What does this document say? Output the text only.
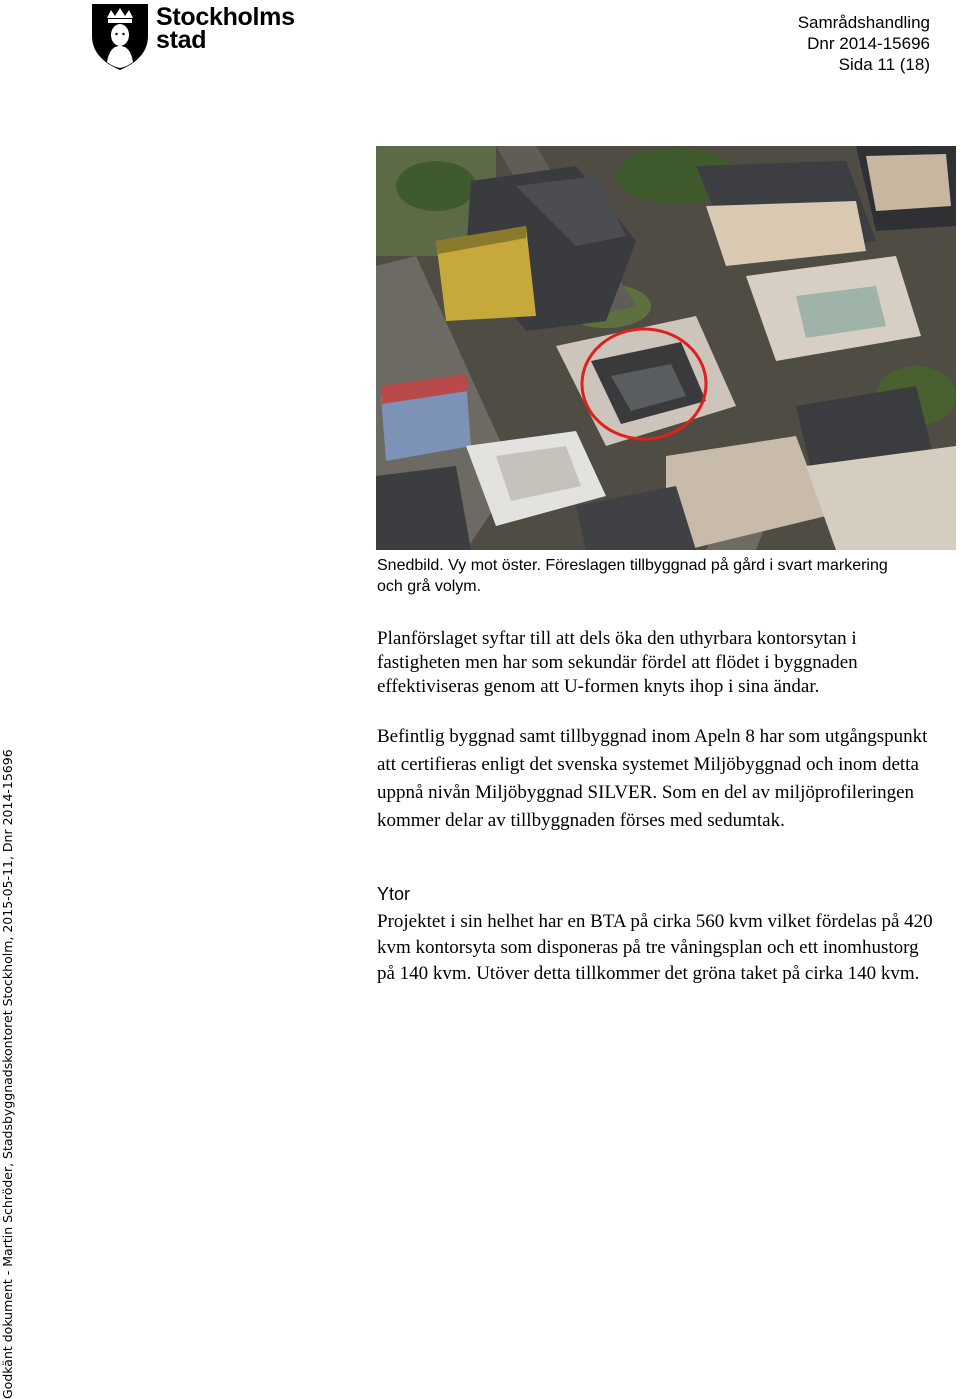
Stockholms
stad
Samrådshandling
Dnr 2014-15696
Sida 11 (18)
Snedbild. Vy mot öster. Föreslagen tillbyggnad på gård i svart markering och grå volym.
Planförslaget syftar till att dels öka den uthyrbara kontorsytan i fastigheten men har som sekundär fördel att flödet i byggnaden effektiviseras genom att U-formen knyts ihop i sina ändar.
Befintlig byggnad samt tillbyggnad inom Apeln 8 har som utgångspunkt att certifieras enligt det svenska systemet Miljöbyggnad och inom detta uppnå nivån Miljöbyggnad SILVER. Som en del av miljöprofileringen kommer delar av tillbyggnaden förses med sedumtak.
Ytor
Projektet i sin helhet har en BTA på cirka 560 kvm vilket fördelas på 420 kvm kontorsyta som disponeras på tre våningsplan och ett inomhustorg på 140 kvm. Utöver detta tillkommer det gröna taket på cirka 140 kvm.
Godkänt dokument - Martin Schröder, Stadsbyggnadskontoret Stockholm, 2015-05-11, Dnr 2014-15696
